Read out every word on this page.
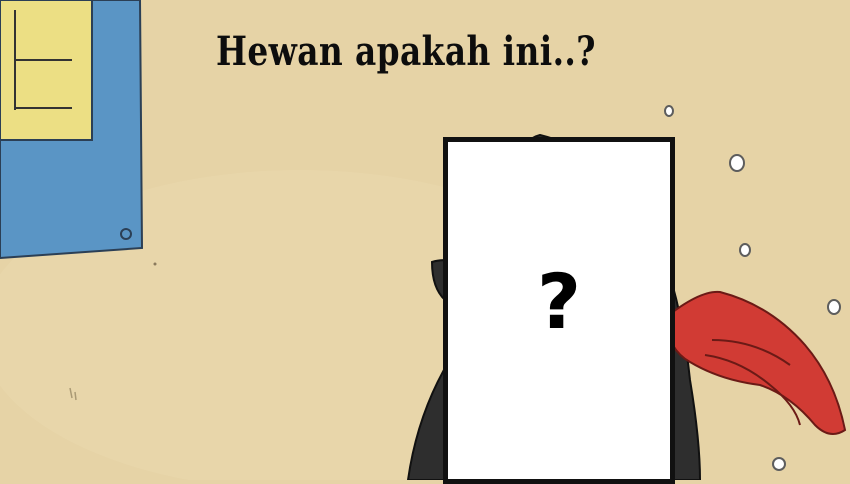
Hewan apakah ini..?
?
